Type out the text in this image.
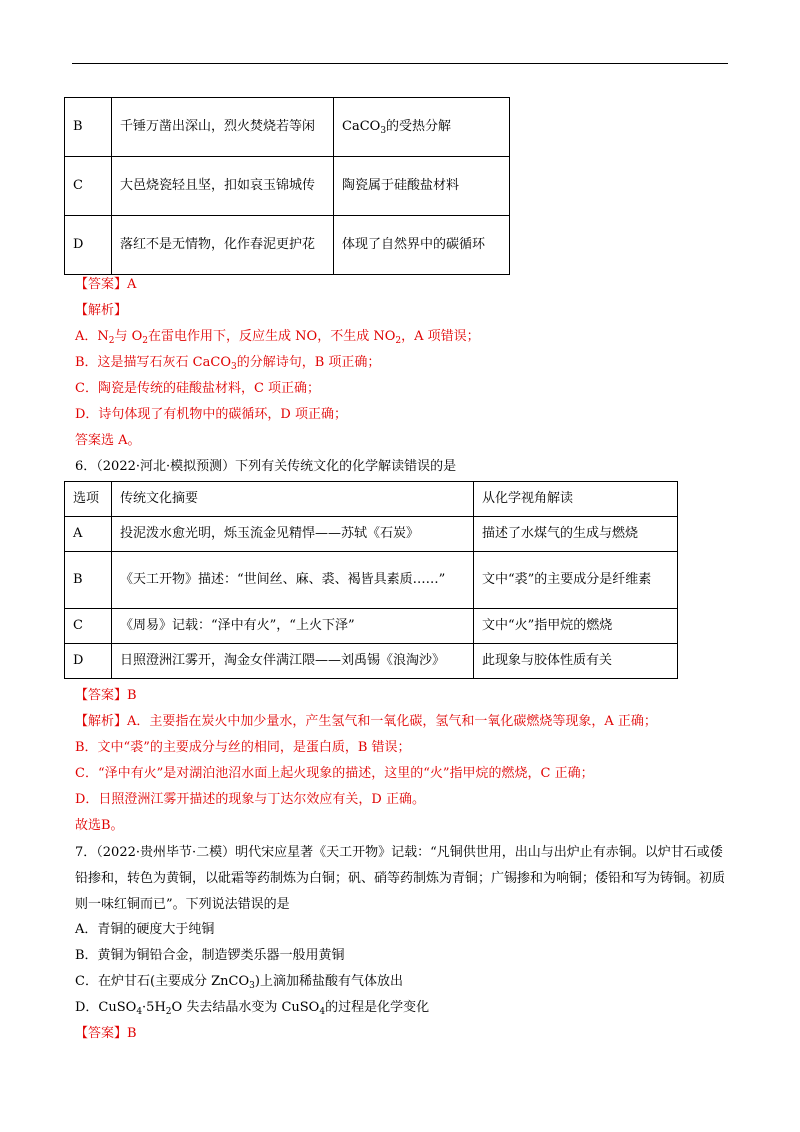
B	千锤万凿出深山，烈火焚烧若等闲	CaCO$_3$的受热分解
C	大邑烧瓷轻且坚，扣如哀玉锦城传	陶瓷属于硅酸盐材料
D	落红不是无情物，化作春泥更护花	体现了自然界中的碳循环
【答案】A
【解析】
A．$N_2$与 $O_2$在雷电作用下，反应生成 NO，不生成 $NO_2$，A 项错误；
B．这是描写石灰石 CaCO$_3$的分解诗句，B 项正确；
C．陶瓷是传统的硅酸盐材料，C 项正确；
D．诗句体现了有机物中的碳循环，D 项正确；
答案选 A。
6．（2022·河北·模拟预测）下列有关传统文化的化学解读错误的是
选项	传统文化摘要	从化学视角解读
A	投泥泼水愈光明，烁玉流金见精悍——苏轼《石炭》	描述了水煤气的生成与燃烧
B	《天工开物》描述：“世间丝、麻、裘、褐皆具素质……”	文中“裘”的主要成分是纤维素
C	《周易》记载：“泽中有火”，“上火下泽”	文中“火”指甲烷的燃烧
D	日照澄洲江雾开，淘金女伴满江隈——刘禹锡《浪淘沙》	此现象与胶体性质有关
【答案】B
【解析】A．主要指在炭火中加少量水，产生氢气和一氧化碳，氢气和一氧化碳燃烧等现象，A 正确；
B．文中“裘”的主要成分与丝的相同，是蛋白质，B 错误；
C．“泽中有火”是对湖泊池沼水面上起火现象的描述，这里的“火”指甲烷的燃烧，C 正确；
D．日照澄洲江雾开描述的现象与丁达尔效应有关，D 正确。
故选B。
7．（2022·贵州毕节·二模）明代宋应星著《天工开物》记载：“凡铜供世用，出山与出炉止有赤铜。以炉甘石或倭铅掺和，转色为黄铜，以砒霜等药制炼为白铜；矾、硝等药制炼为青铜；广锡掺和为响铜；倭铅和写为铸铜。初质则一味红铜而已”。下列说法错误的是
A．青铜的硬度大于纯铜
B．黄铜为铜铅合金，制造锣类乐器一般用黄铜
C．在炉甘石(主要成分 ZnCO$_3$)上滴加稀盐酸有气体放出
D．$CuSO_4\cdot 5H_2O$ 失去结晶水变为 CuSO$_4$的过程是化学变化
【答案】B
